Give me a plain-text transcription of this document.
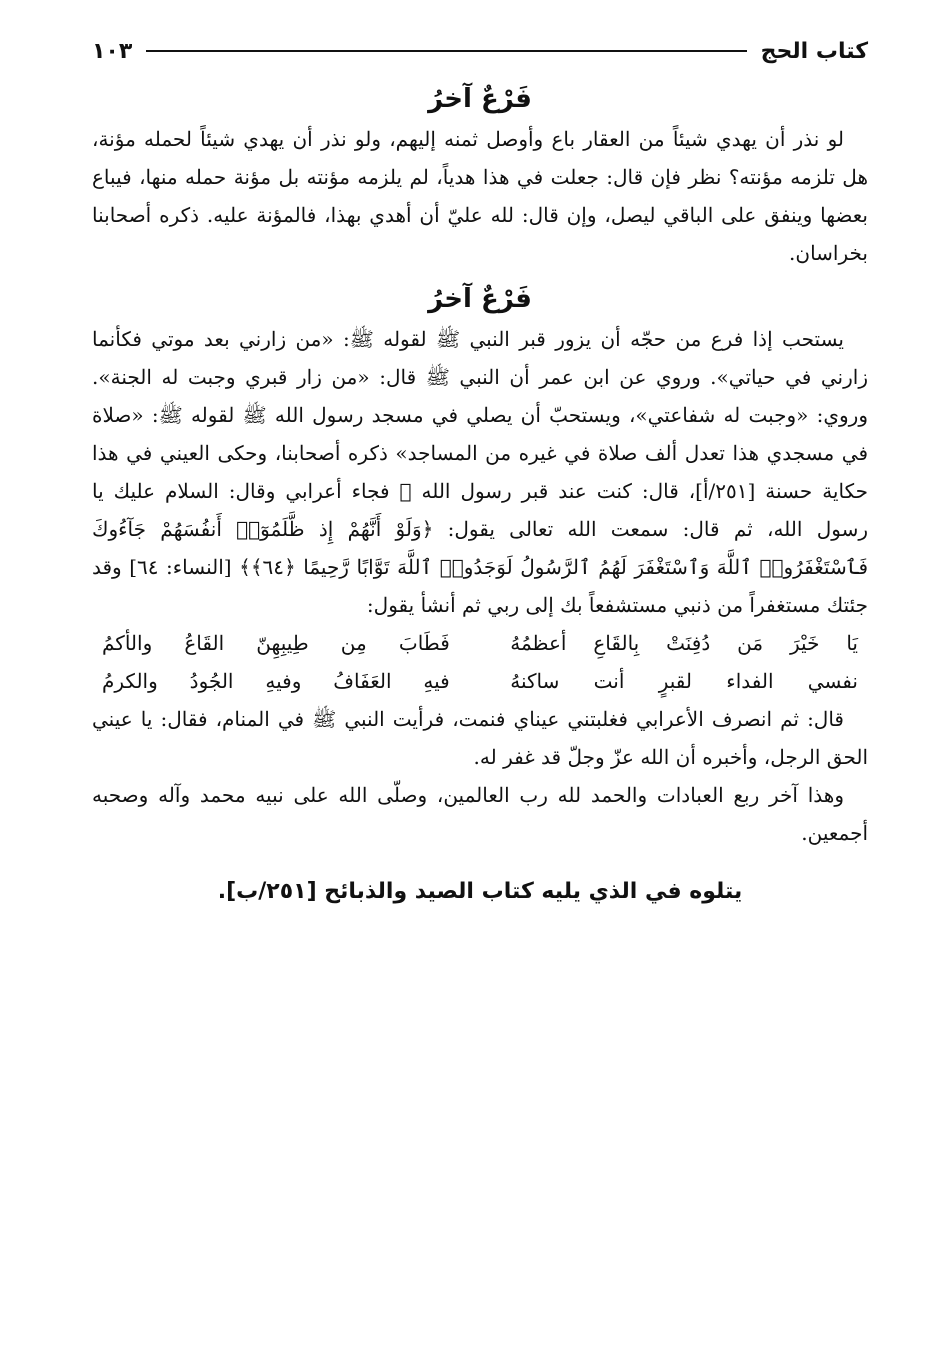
كتاب الحج
١٠٣
فَرْعٌ آخرُ

لو نذر أن يهدي شيئاً من العقار باع وأوصل ثمنه إليهم، ولو نذر أن يهدي شيئاً لحمله مؤنة، هل تلزمه مؤنته؟ نظر فإن قال: جعلت في هذا هدياً، لم يلزمه مؤنته بل مؤنة حمله منها، فيباع بعضها وينفق على الباقي ليصل، وإن قال: لله عليّ أن أهدي بهذا، فالمؤنة عليه. ذكره أصحابنا بخراسان.

فَرْعٌ آخرُ

يستحب إذا فرع من حجّه أن يزور قبر النبي ﷺ لقوله ﷺ: «من زارني بعد موتي فكأنما زارني في حياتي». وروي عن ابن عمر أن النبي ﷺ قال: «من زار قبري وجبت له الجنة». وروي: «وجبت له شفاعتي»، ويستحبّ أن يصلي في مسجد رسول الله ﷺ لقوله ﷺ: «صلاة في مسجدي هذا تعدل ألف صلاة في غيره من المساجد» ذكره أصحابنا، وحكى العيني في هذا حكاية حسنة [٢٥١/أ]، قال: كنت عند قبر رسول الله ﷺ فجاء أعرابي وقال: السلام عليك يا رسول الله، ثم قال: سمعت الله تعالى يقول: ﴿وَلَوْ أَنَّهُمْ إِذ ظَّلَمُوٓا۟ أَنفُسَهُمْ جَآءُوكَ فَٱسْتَغْفَرُوا۟ ٱللَّهَ وَٱسْتَغْفَرَ لَهُمُ ٱلرَّسُولُ لَوَجَدُوا۟ ٱللَّهَ تَوَّابًا رَّحِيمًا ﴿٦٤﴾﴾ [النساء: ٦٤] وقد جئتك مستغفراً من ذنبي مستشفعاً بك إلى ربي ثم أنشأ يقول:

يَا خَيْرَ مَن دُفِنَتْ بِالقَاعِ أعظمُهُ
فَطَابَ مِن طِيبِهِنّ القَاعُ والأكمُ
نفسي الفداء لقبرٍ أنت ساكنهُ
فيهِ العَفَافُ وفيهِ الجُودُ والكرمُ

قال: ثم انصرف الأعرابي فغلبتني عيناي فنمت، فرأيت النبي ﷺ في المنام، فقال: يا عيني الحق الرجل، وأخبره أن الله عزّ وجلّ قد غفر له.

وهذا آخر ربع العبادات والحمد لله رب العالمين، وصلّى الله على نبيه محمد وآله وصحبه أجمعين.

يتلوه في الذي يليه كتاب الصيد والذبائح [٢٥١/ب].
